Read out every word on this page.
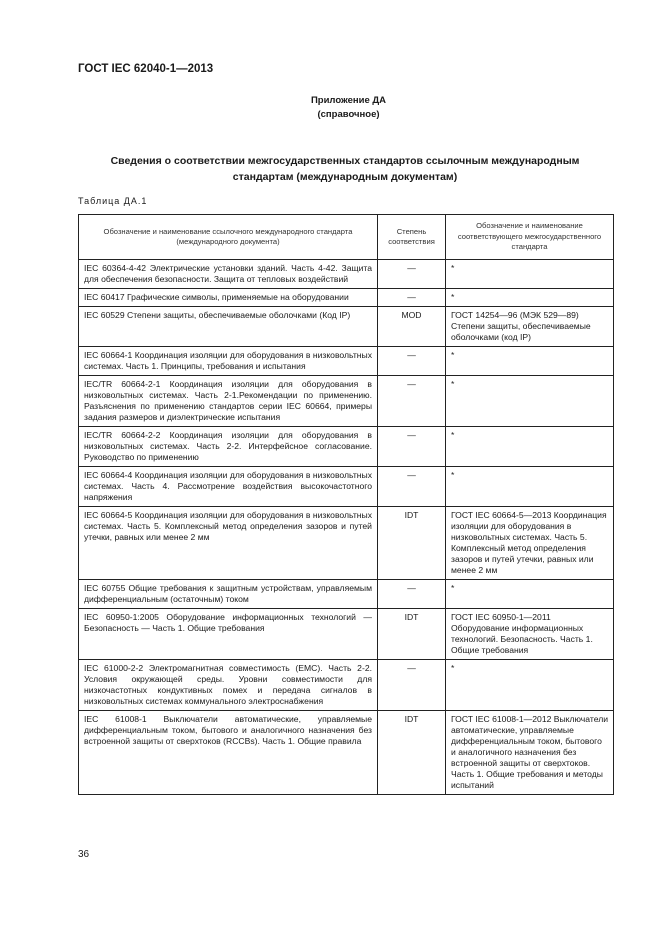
ГОСТ IEC 62040-1—2013
Приложение ДА
(справочное)
Сведения о соответствии межгосударственных стандартов ссылочным международным стандартам (международным документам)
Таблица ДА.1
Обозначение и наименование ссылочного международного стандарта (международного документа)	Степень соответствия	Обозначение и наименование соответствующего межгосударственного стандарта
IEC 60364-4-42 Электрические установки зданий. Часть 4-42. Защита для обеспечения безопасности. Защита от тепловых воздействий	—	*
IEC 60417 Графические символы, применяемые на оборудовании	—	*
IEC 60529 Степени защиты, обеспечиваемые оболочками (Код IP)	MOD	ГОСТ 14254—96 (МЭК 529—89) Степени защиты, обеспечиваемые оболочками (код IP)
IEC 60664-1 Координация изоляции для оборудования в низковольтных системах. Часть 1. Принципы, требования и испытания	—	*
IEC/TR 60664-2-1 Координация изоляции для оборудования в низковольтных системах. Часть 2-1.Рекомендации по применению. Разъяснения по применению стандартов серии IEC 60664, примеры задания размеров и диэлектрические испытания	—	*
IEC/TR 60664-2-2 Координация изоляции для оборудования в низковольтных системах. Часть 2-2. Интерфейсное согласование. Руководство по применению	—	*
IEC 60664-4 Координация изоляции для оборудования в низковольтных системах. Часть 4. Рассмотрение воздействия высокочастотного напряжения	—	*
IEC 60664-5 Координация изоляции для оборудования в низковольтных системах. Часть 5. Комплексный метод определения зазоров и путей утечки, равных или менее 2 мм	IDT	ГОСТ IEC 60664-5—2013 Координация изоляции для оборудования в низковольтных системах. Часть 5. Комплексный метод определения зазоров и путей утечки, равных или менее 2 мм
IEC 60755 Общие требования к защитным устройствам, управляемым дифференциальным (остаточным) током	—	*
IEC 60950-1:2005 Оборудование информационных технологий — Безопасность — Часть 1. Общие требования	IDT	ГОСТ IEC 60950-1—2011 Оборудование информационных технологий. Безопасность. Часть 1. Общие требования
IEC 61000-2-2 Электромагнитная совместимость (EMC). Часть 2-2. Условия окружающей среды. Уровни совместимости для низкочастотных кондуктивных помех и передача сигналов в низковольтных системах коммунального электроснабжения	—	*
IEC 61008-1 Выключатели автоматические, управляемые дифференциальным током, бытового и аналогичного назначения без встроенной защиты от сверхтоков (RCCBs). Часть 1. Общие правила	IDT	ГОСТ IEC 61008-1—2012 Выключатели автоматические, управляемые дифференциальным током, бытового и аналогичного назначения без встроенной защиты от сверхтоков. Часть 1. Общие требования и методы испытаний
36
